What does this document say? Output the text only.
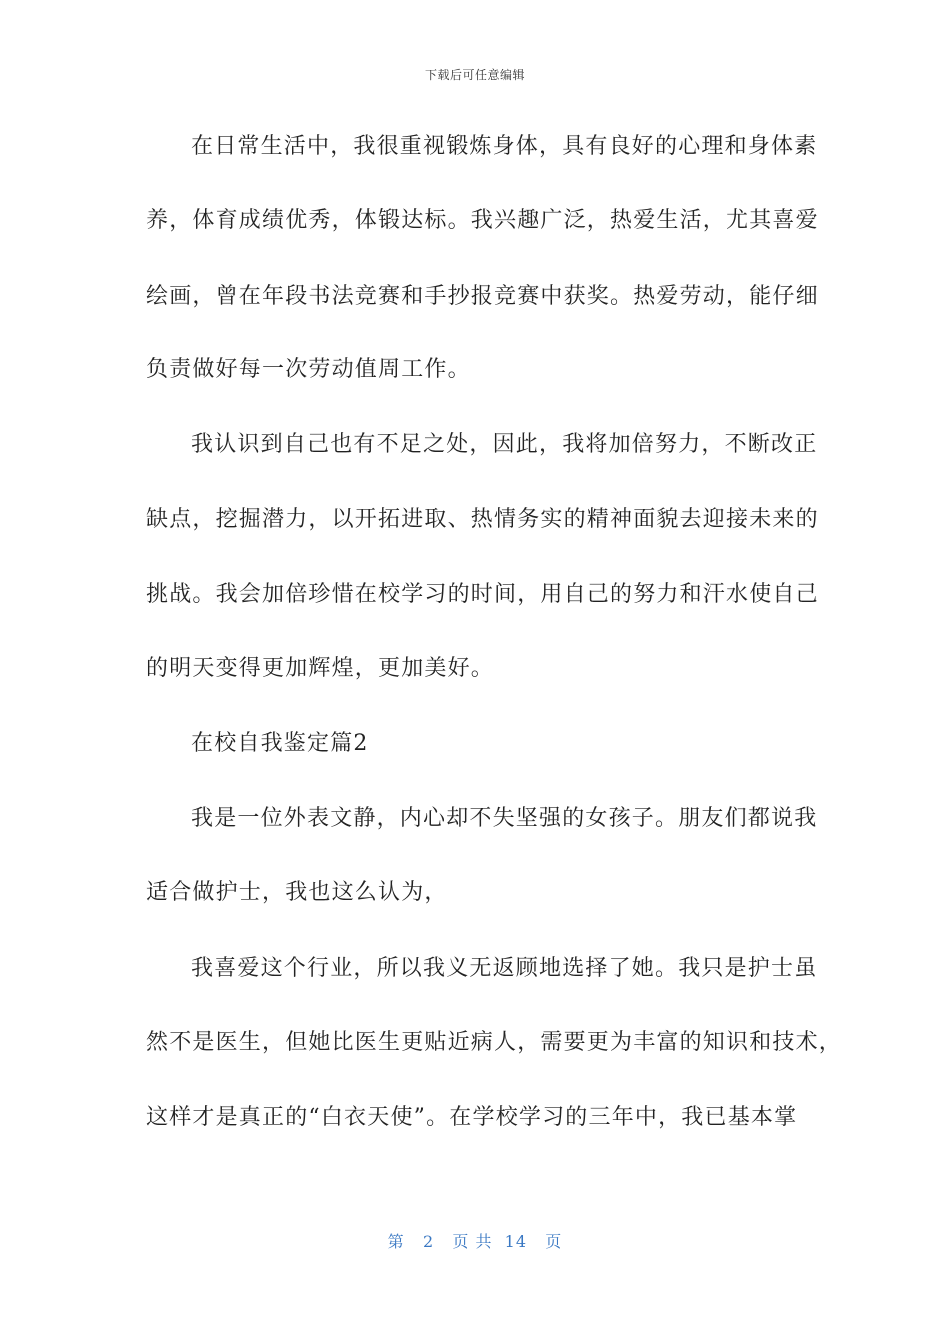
下载后可任意编辑
在日常生活中，我很重视锻炼身体，具有良好的心理和身体素
养，体育成绩优秀，体锻达标。我兴趣广泛，热爱生活，尤其喜爱
绘画，曾在年段书法竞赛和手抄报竞赛中获奖。热爱劳动，能仔细
负责做好每一次劳动值周工作。
我认识到自己也有不足之处，因此，我将加倍努力，不断改正
缺点，挖掘潜力，以开拓进取、热情务实的精神面貌去迎接未来的
挑战。我会加倍珍惜在校学习的时间，用自己的努力和汗水使自己
的明天变得更加辉煌，更加美好。
在校自我鉴定篇2
我是一位外表文静，内心却不失坚强的女孩子。朋友们都说我
适合做护士，我也这么认为，
我喜爱这个行业，所以我义无返顾地选择了她。我只是护士虽
然不是医生，但她比医生更贴近病人，需要更为丰富的知识和技术，
这样才是真正的“白衣天使”。在学校学习的三年中，我已基本掌
第 2 页 共 14 页
